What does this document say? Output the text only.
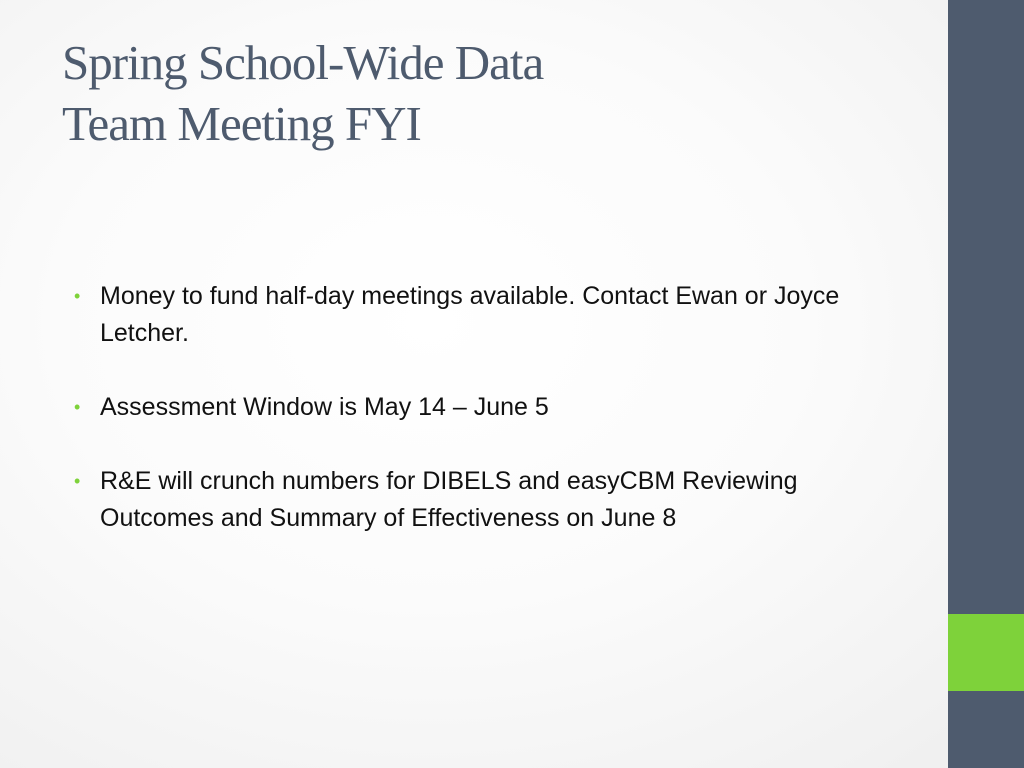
Spring School-Wide Data
Team Meeting FYI
• Money to fund half-day meetings available. Contact Ewan or Joyce Letcher.
• Assessment Window is May 14 – June 5
• R&E will crunch numbers for DIBELS and easyCBM Reviewing Outcomes and Summary of Effectiveness on June 8
